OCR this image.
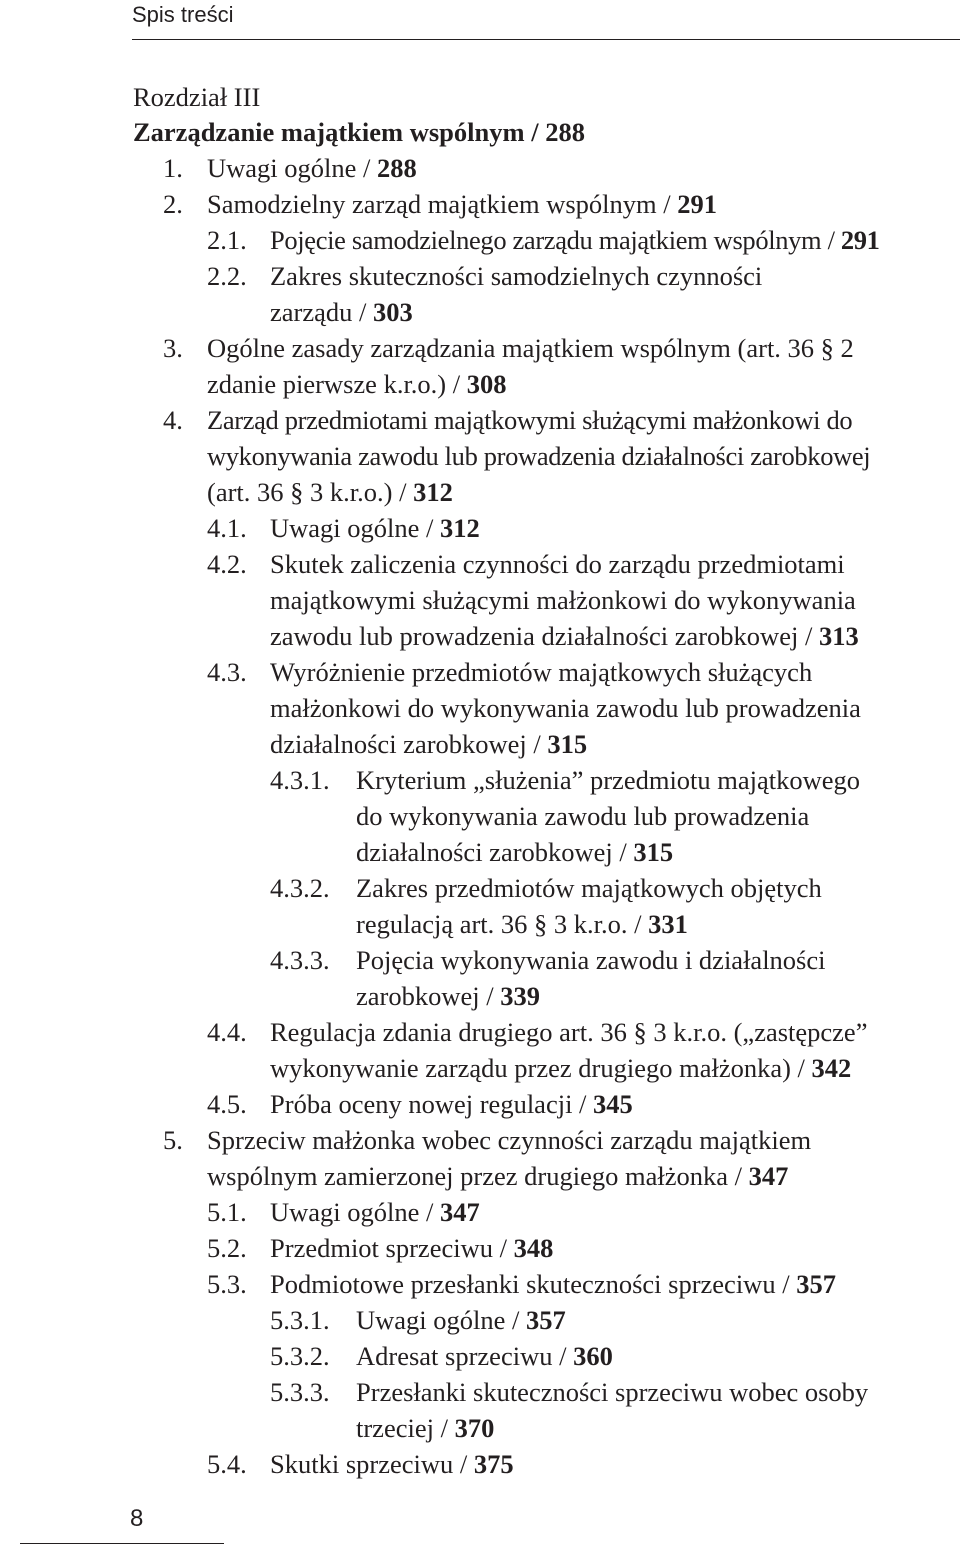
Spis treści
Rozdział III
Zarządzanie majątkiem wspólnym / 288
1. Uwagi ogólne / 288
2. Samodzielny zarząd majątkiem wspólnym / 291
2.1. Pojęcie samodzielnego zarządu majątkiem wspólnym / 291
2.2. Zakres skuteczności samodzielnych czynności
zarządu / 303
3. Ogólne zasady zarządzania majątkiem wspólnym (art. 36 § 2
zdanie pierwsze k.r.o.) / 308
4. Zarząd przedmiotami majątkowymi służącymi małżonkowi do
wykonywania zawodu lub prowadzenia działalności zarobkowej
(art. 36 § 3 k.r.o.) / 312
4.1. Uwagi ogólne / 312
4.2. Skutek zaliczenia czynności do zarządu przedmiotami
majątkowymi służącymi małżonkowi do wykonywania
zawodu lub prowadzenia działalności zarobkowej / 313
4.3. Wyróżnienie przedmiotów majątkowych służących
małżonkowi do wykonywania zawodu lub prowadzenia
działalności zarobkowej / 315
4.3.1. Kryterium „służenia” przedmiotu majątkowego
do wykonywania zawodu lub prowadzenia
działalności zarobkowej / 315
4.3.2. Zakres przedmiotów majątkowych objętych
regulacją art. 36 § 3 k.r.o. / 331
4.3.3. Pojęcia wykonywania zawodu i działalności
zarobkowej / 339
4.4. Regulacja zdania drugiego art. 36 § 3 k.r.o. („zastępcze”
wykonywanie zarządu przez drugiego małżonka) / 342
4.5. Próba oceny nowej regulacji / 345
5. Sprzeciw małżonka wobec czynności zarządu majątkiem
wspólnym zamierzonej przez drugiego małżonka / 347
5.1. Uwagi ogólne / 347
5.2. Przedmiot sprzeciwu / 348
5.3. Podmiotowe przesłanki skuteczności sprzeciwu / 357
5.3.1. Uwagi ogólne / 357
5.3.2. Adresat sprzeciwu / 360
5.3.3. Przesłanki skuteczności sprzeciwu wobec osoby
trzeciej / 370
5.4. Skutki sprzeciwu / 375
8
